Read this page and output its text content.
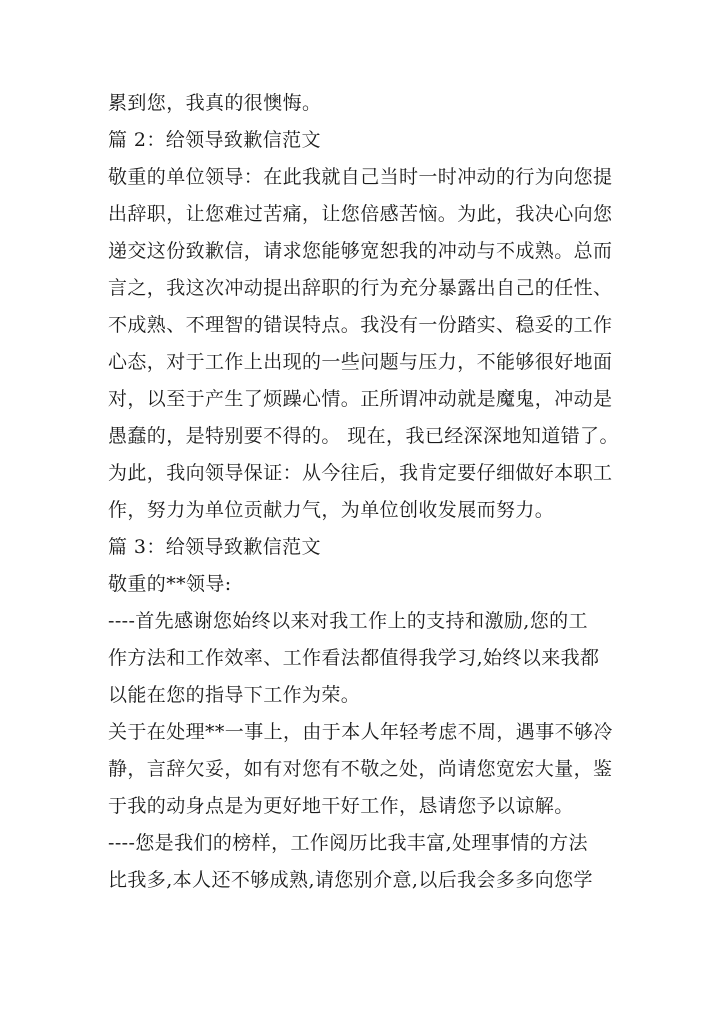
累到您，我真的很懊悔。
篇 2：给领导致歉信范文
敬重的单位领导：在此我就自己当时一时冲动的行为向您提
出辞职，让您难过苦痛，让您倍感苦恼。为此，我决心向您
递交这份致歉信，请求您能够宽恕我的冲动与不成熟。总而
言之，我这次冲动提出辞职的行为充分暴露出自己的任性、
不成熟、不理智的错误特点。我没有一份踏实、稳妥的工作
心态，对于工作上出现的一些问题与压力，不能够很好地面
对，以至于产生了烦躁心情。正所谓冲动就是魔鬼，冲动是
愚蠢的，是特别要不得的。 现在，我已经深深地知道错了。
为此，我向领导保证：从今往后，我肯定要仔细做好本职工
作，努力为单位贡献力气，为单位创收发展而努力。
篇 3：给领导致歉信范文
敬重的**领导:
----首先感谢您始终以来对我工作上的支持和激励,您的工
作方法和工作效率、工作看法都值得我学习,始终以来我都
以能在您的指导下工作为荣。
关于在处理**一事上，由于本人年轻考虑不周，遇事不够冷
静，言辞欠妥，如有对您有不敬之处，尚请您宽宏大量，鉴
于我的动身点是为更好地干好工作，恳请您予以谅解。
----您是我们的榜样，工作阅历比我丰富,处理事情的方法
比我多,本人还不够成熟,请您别介意,以后我会多多向您学
